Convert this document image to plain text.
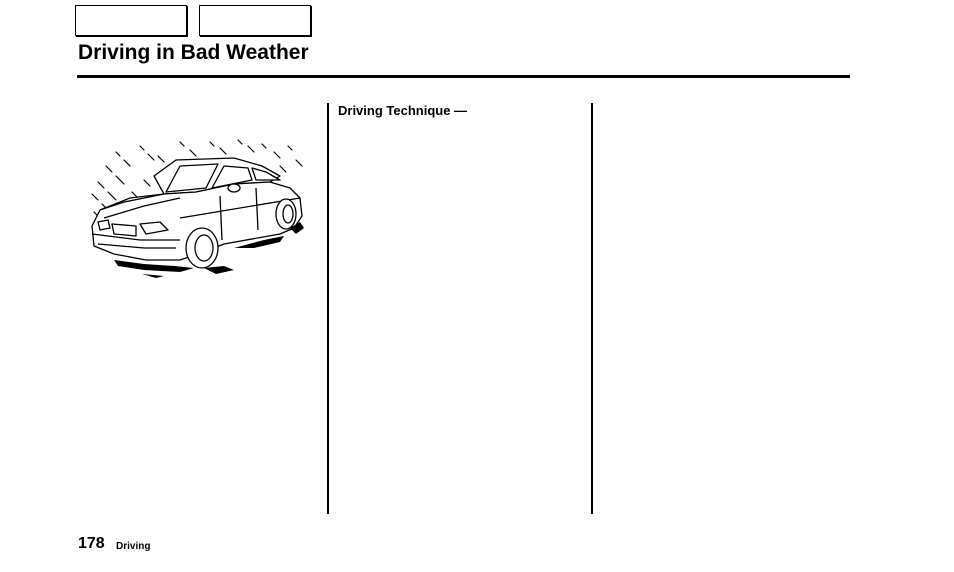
Driving in Bad Weather
Driving Technique —
178 Driving
